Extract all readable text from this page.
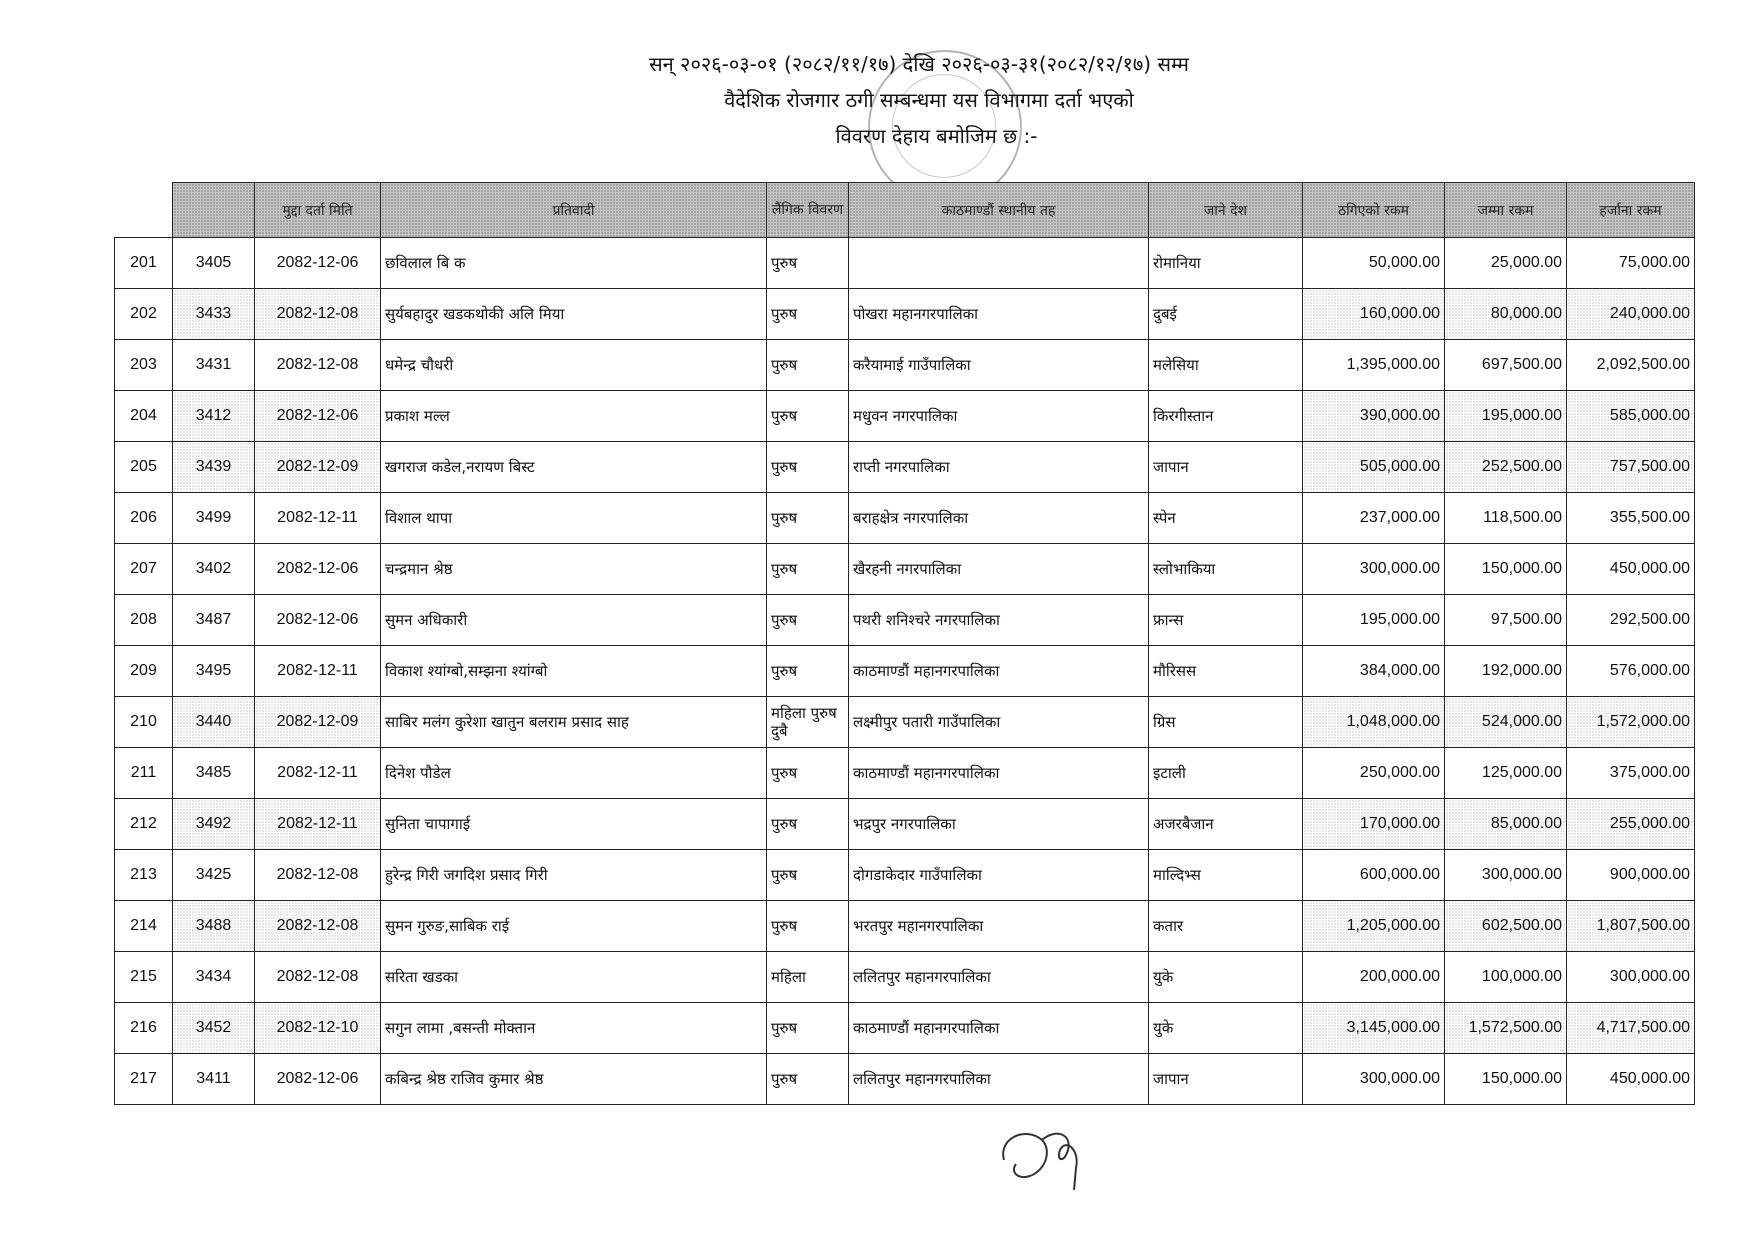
सन् २०२६-०३-०१ (२०८२/११/१७) देखि २०२६-०३-३१(२०८२/१२/१७) सम्म
वैदेशिक रोजगार ठगी सम्बन्धमा यस विभागमा दर्ता भएको
विवरण देहाय बमोजिम छ :-
		मुद्दा दर्ता मिति	प्रतिवादी	लैंगिक विवरण	काठमाण्डौं स्थानीय तह	जाने देश	ठगिएको रकम	जम्मा रकम	हर्जाना रकम
201	3405	2082-12-06	छविलाल बि क	पुरुष		रोमानिया	50,000.00	25,000.00	75,000.00
202	3433	2082-12-08	सुर्यबहादुर खडकथोकी अलि मिया	पुरुष	पोखरा महानगरपालिका	दुबई	160,000.00	80,000.00	240,000.00
203	3431	2082-12-08	धमेन्द्र चौधरी	पुरुष	करैयामाई गाउँपालिका	मलेसिया	1,395,000.00	697,500.00	2,092,500.00
204	3412	2082-12-06	प्रकाश मल्ल	पुरुष	मधुवन नगरपालिका	किरगीस्तान	390,000.00	195,000.00	585,000.00
205	3439	2082-12-09	खगराज कडेल,नरायण बिस्ट	पुरुष	राप्ती नगरपालिका	जापान	505,000.00	252,500.00	757,500.00
206	3499	2082-12-11	विशाल थापा	पुरुष	बराहक्षेत्र नगरपालिका	स्पेन	237,000.00	118,500.00	355,500.00
207	3402	2082-12-06	चन्द्रमान श्रेष्ठ	पुरुष	खैरहनी नगरपालिका	स्लोभाकिया	300,000.00	150,000.00	450,000.00
208	3487	2082-12-06	सुमन अधिकारी	पुरुष	पथरी शनिश्चरे नगरपालिका	फ्रान्स	195,000.00	97,500.00	292,500.00
209	3495	2082-12-11	विकाश श्यांग्बो,सम्झना श्यांग्बो	पुरुष	काठमाण्डौं महानगरपालिका	मौरिसस	384,000.00	192,000.00	576,000.00
210	3440	2082-12-09	साबिर मलंग कुरेशा खातुन बलराम प्रसाद साह	महिला पुरुष दुबै	लक्ष्मीपुर पतारी गाउँपालिका	ग्रिस	1,048,000.00	524,000.00	1,572,000.00
211	3485	2082-12-11	दिनेश पौडेल	पुरुष	काठमाण्डौं महानगरपालिका	इटाली	250,000.00	125,000.00	375,000.00
212	3492	2082-12-11	सुनिता चापागाई	पुरुष	भद्रपुर नगरपालिका	अजरबैजान	170,000.00	85,000.00	255,000.00
213	3425	2082-12-08	हुरेन्द्र गिरी जगदिश प्रसाद गिरी	पुरुष	दोगडाकेदार गाउँपालिका	माल्दिभ्स	600,000.00	300,000.00	900,000.00
214	3488	2082-12-08	सुमन गुरुङ,साबिक राई	पुरुष	भरतपुर महानगरपालिका	कतार	1,205,000.00	602,500.00	1,807,500.00
215	3434	2082-12-08	सरिता खडका	महिला	ललितपुर महानगरपालिका	युके	200,000.00	100,000.00	300,000.00
216	3452	2082-12-10	सगुन लामा ,बसन्ती मोक्तान	पुरुष	काठमाण्डौं महानगरपालिका	युके	3,145,000.00	1,572,500.00	4,717,500.00
217	3411	2082-12-06	कबिन्द्र श्रेष्ठ राजिव कुमार श्रेष्ठ	पुरुष	ललितपुर महानगरपालिका	जापान	300,000.00	150,000.00	450,000.00
